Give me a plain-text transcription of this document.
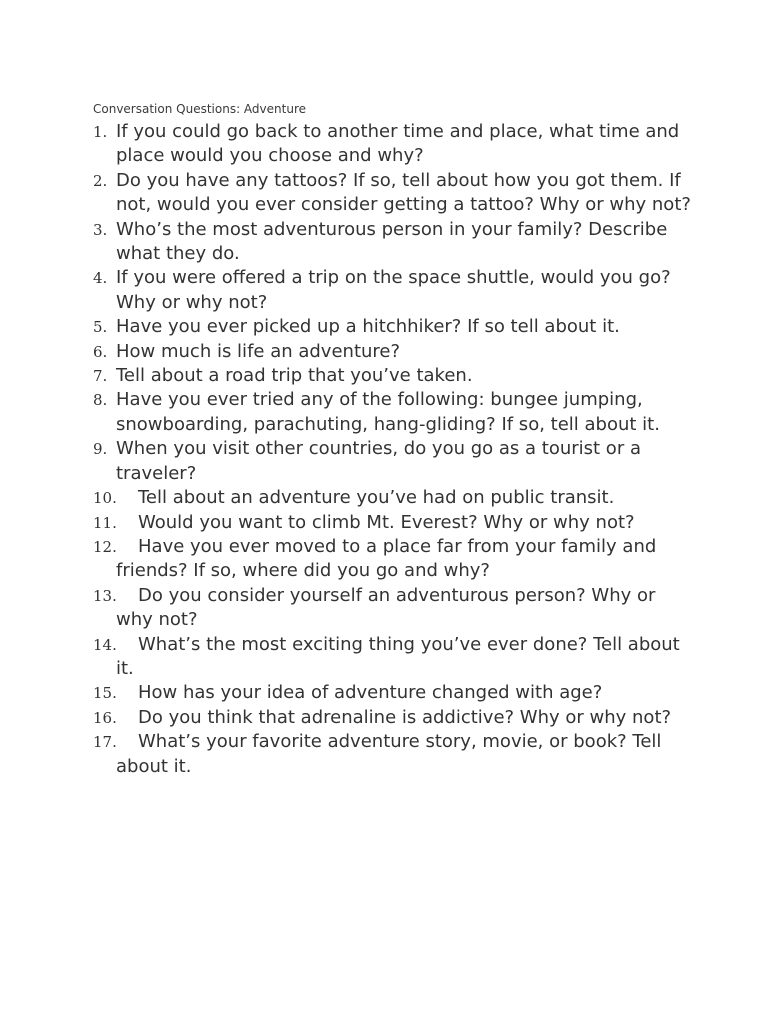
Conversation Questions: Adventure
1. If you could go back to another time and place, what time and place would you choose and why?
2. Do you have any tattoos? If so, tell about how you got them. If not, would you ever consider getting a tattoo? Why or why not?
3. Who’s the most adventurous person in your family? Describe what they do.
4. If you were offered a trip on the space shuttle, would you go? Why or why not?
5. Have you ever picked up a hitchhiker? If so tell about it.
6. How much is life an adventure?
7. Tell about a road trip that you’ve taken.
8. Have you ever tried any of the following: bungee jumping, snowboarding, parachuting, hang-gliding? If so, tell about it.
9. When you visit other countries, do you go as a tourist or a traveler?
10.	Tell about an adventure you’ve had on public transit.
11.	Would you want to climb Mt. Everest? Why or why not?
12.	Have you ever moved to a place far from your family and friends? If so, where did you go and why?
13.	Do you consider yourself an adventurous person? Why or why not?
14.	What’s the most exciting thing you’ve ever done? Tell about it.
15.	How has your idea of adventure changed with age?
16.	Do you think that adrenaline is addictive? Why or why not?
17.	What’s your favorite adventure story, movie, or book? Tell about it.
